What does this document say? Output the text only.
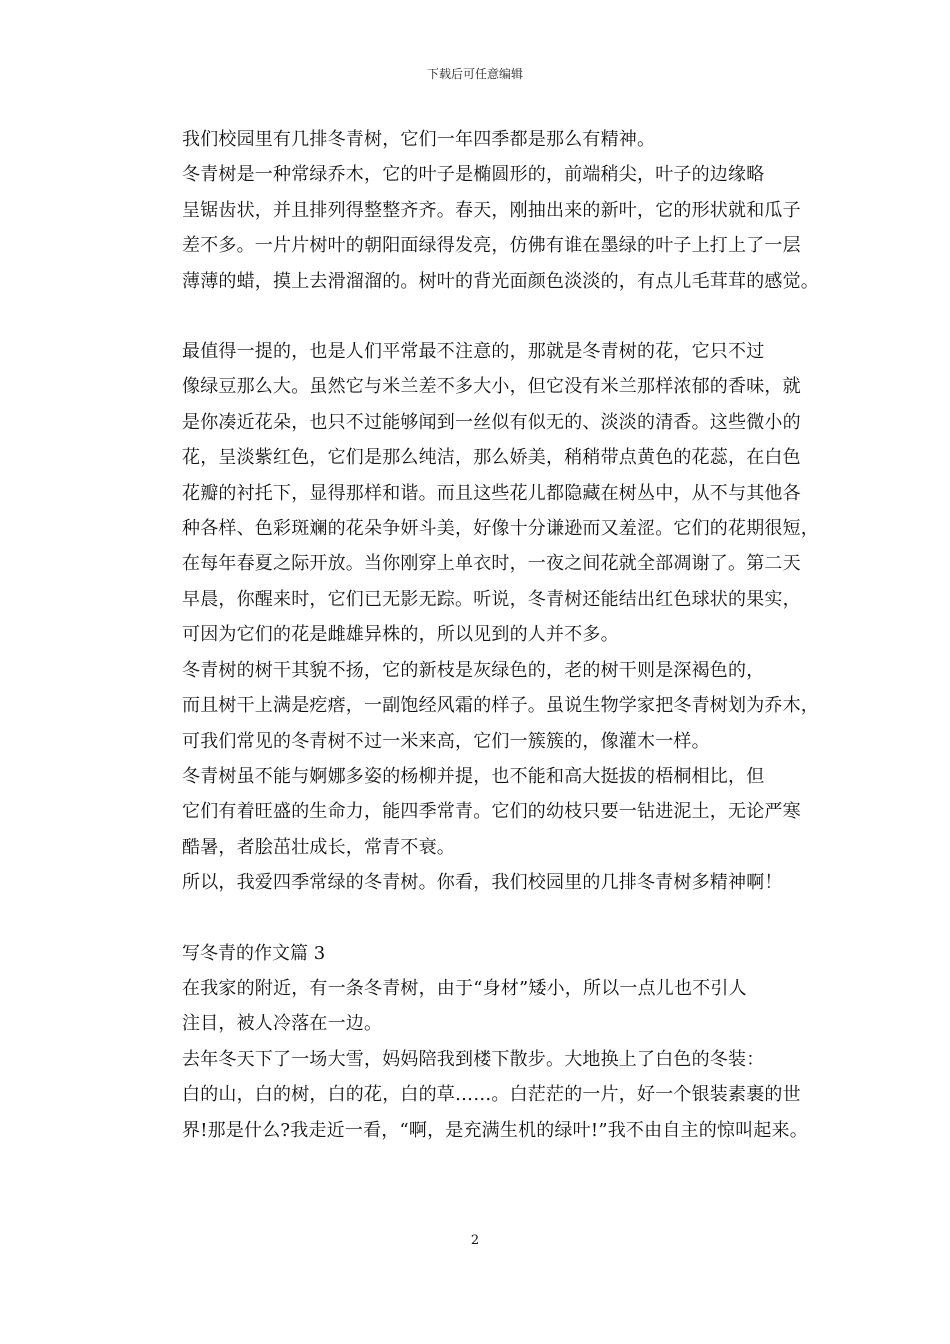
下载后可任意编辑

我们校园里有几排冬青树，它们一年四季都是那么有精神。

冬青树是一种常绿乔木，它的叶子是椭圆形的，前端稍尖，叶子的边缘略
呈锯齿状，并且排列得整整齐齐。春天，刚抽出来的新叶，它的形状就和瓜子
差不多。一片片树叶的朝阳面绿得发亮，仿佛有谁在墨绿的叶子上打上了一层
薄薄的蜡，摸上去滑溜溜的。树叶的背光面颜色淡淡的，有点儿毛茸茸的感觉。

最值得一提的，也是人们平常最不注意的，那就是冬青树的花，它只不过
像绿豆那么大。虽然它与米兰差不多大小，但它没有米兰那样浓郁的香味，就
是你凑近花朵，也只不过能够闻到一丝似有似无的、淡淡的清香。这些微小的
花，呈淡紫红色，它们是那么纯洁，那么娇美，稍稍带点黄色的花蕊，在白色
花瓣的衬托下，显得那样和谐。而且这些花儿都隐藏在树丛中，从不与其他各
种各样、色彩斑斓的花朵争妍斗美，好像十分谦逊而又羞涩。它们的花期很短，
在每年春夏之际开放。当你刚穿上单衣时，一夜之间花就全部凋谢了。第二天
早晨，你醒来时，它们已无影无踪。听说，冬青树还能结出红色球状的果实，
可因为它们的花是雌雄异株的，所以见到的人并不多。

冬青树的树干其貌不扬，它的新枝是灰绿色的，老的树干则是深褐色的，
而且树干上满是疙瘩，一副饱经风霜的样子。虽说生物学家把冬青树划为乔木，
可我们常见的冬青树不过一米来高，它们一簇簇的，像灌木一样。

冬青树虽不能与婀娜多姿的杨柳并提，也不能和高大挺拔的梧桐相比，但
它们有着旺盛的生命力，能四季常青。它们的幼枝只要一钻进泥土，无论严寒
酷暑，者脍茁壮成长，常青不衰。

所以，我爱四季常绿的冬青树。你看，我们校园里的几排冬青树多精神啊！

写冬青的作文篇 3

在我家的附近，有一条冬青树，由于“身材”矮小，所以一点儿也不引人
注目，被人冷落在一边。

去年冬天下了一场大雪，妈妈陪我到楼下散步。大地换上了白色的冬装：
白的山，白的树，白的花，白的草……。白茫茫的一片，好一个银装素裹的世
界!那是什么?我走近一看，“啊，是充满生机的绿叶!”我不由自主的惊叫起来。

2
